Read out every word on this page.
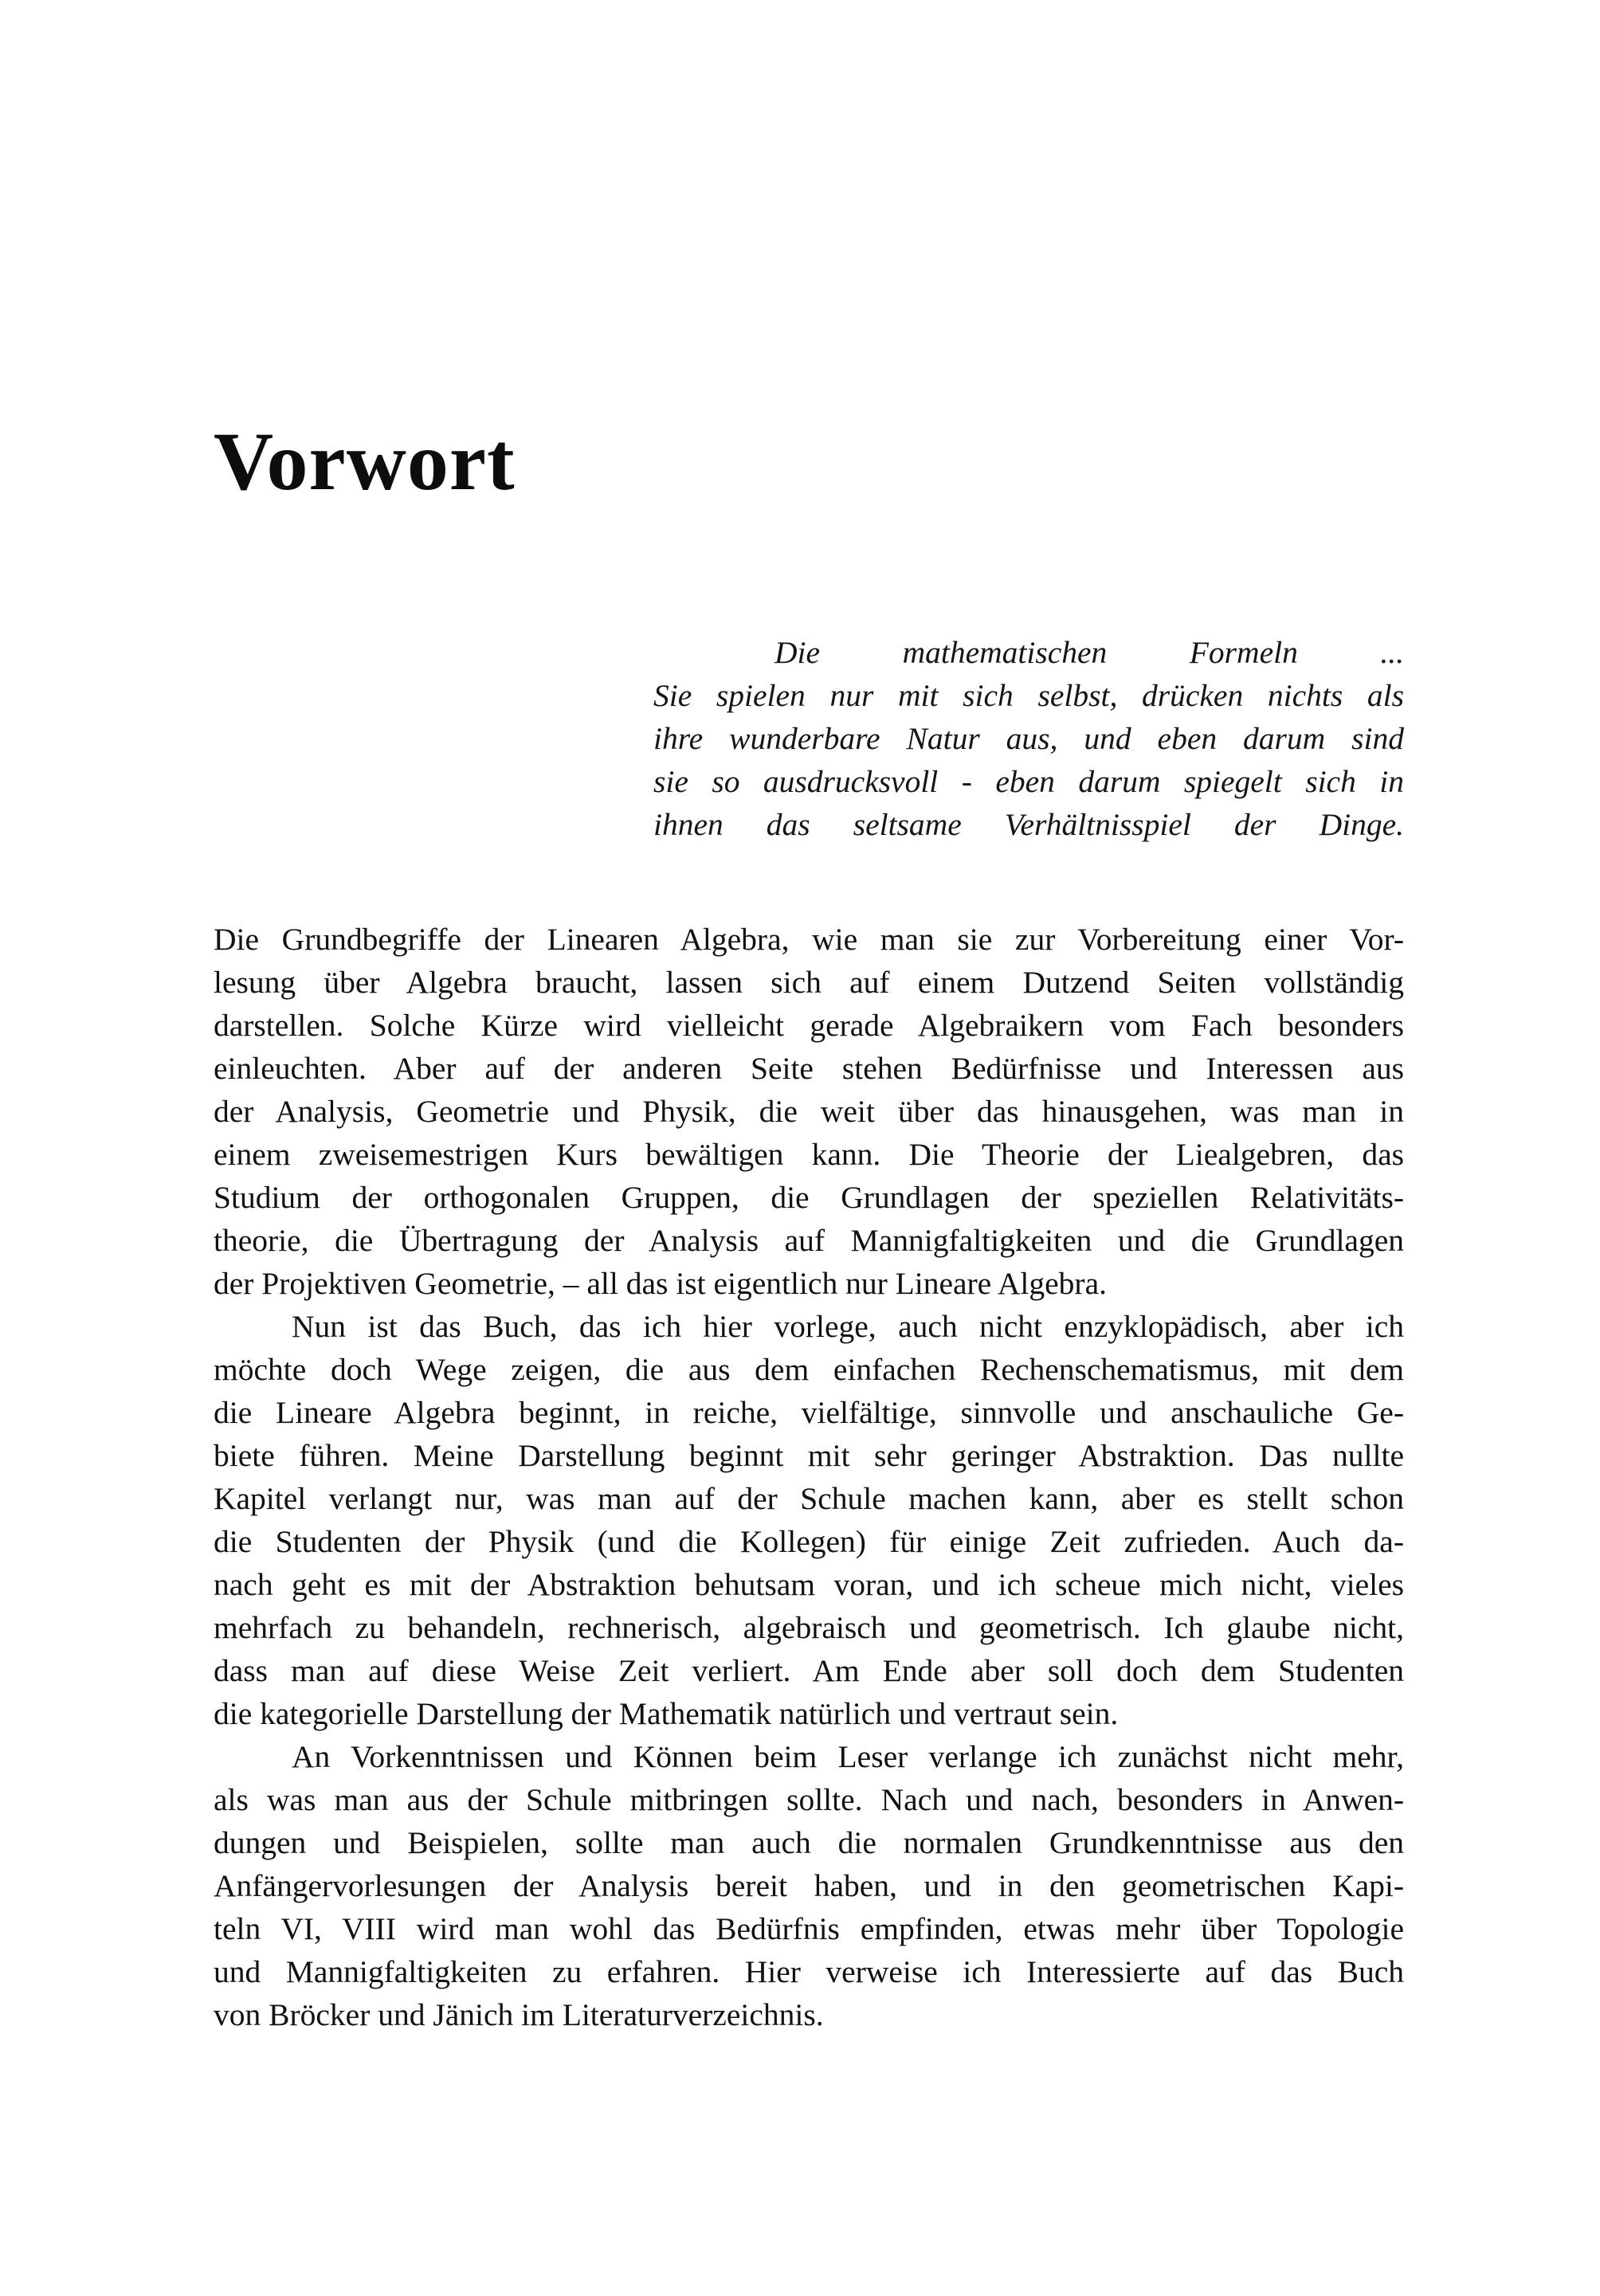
Vorwort
Die mathematischen Formeln ...
Sie spielen nur mit sich selbst, drücken nichts als
ihre wunderbare Natur aus, und eben darum sind
sie so ausdrucksvoll - eben darum spiegelt sich in
ihnen das seltsame Verhältnisspiel der Dinge.
Die Grundbegriffe der Linearen Algebra, wie man sie zur Vorbereitung einer Vor-
lesung über Algebra braucht, lassen sich auf einem Dutzend Seiten vollständig
darstellen. Solche Kürze wird vielleicht gerade Algebraikern vom Fach besonders
einleuchten. Aber auf der anderen Seite stehen Bedürfnisse und Interessen aus
der Analysis, Geometrie und Physik, die weit über das hinausgehen, was man in
einem zweisemestrigen Kurs bewältigen kann. Die Theorie der Liealgebren, das
Studium der orthogonalen Gruppen, die Grundlagen der speziellen Relativitäts-
theorie, die Übertragung der Analysis auf Mannigfaltigkeiten und die Grundlagen
der Projektiven Geometrie, – all das ist eigentlich nur Lineare Algebra.
Nun ist das Buch, das ich hier vorlege, auch nicht enzyklopädisch, aber ich
möchte doch Wege zeigen, die aus dem einfachen Rechenschematismus, mit dem
die Lineare Algebra beginnt, in reiche, vielfältige, sinnvolle und anschauliche Ge-
biete führen. Meine Darstellung beginnt mit sehr geringer Abstraktion. Das nullte
Kapitel verlangt nur, was man auf der Schule machen kann, aber es stellt schon
die Studenten der Physik (und die Kollegen) für einige Zeit zufrieden. Auch da-
nach geht es mit der Abstraktion behutsam voran, und ich scheue mich nicht, vieles
mehrfach zu behandeln, rechnerisch, algebraisch und geometrisch. Ich glaube nicht,
dass man auf diese Weise Zeit verliert. Am Ende aber soll doch dem Studenten
die kategorielle Darstellung der Mathematik natürlich und vertraut sein.
An Vorkenntnissen und Können beim Leser verlange ich zunächst nicht mehr,
als was man aus der Schule mitbringen sollte. Nach und nach, besonders in Anwen-
dungen und Beispielen, sollte man auch die normalen Grundkenntnisse aus den
Anfängervorlesungen der Analysis bereit haben, und in den geometrischen Kapi-
teln VI, VIII wird man wohl das Bedürfnis empfinden, etwas mehr über Topologie
und Mannigfaltigkeiten zu erfahren. Hier verweise ich Interessierte auf das Buch
von Bröcker und Jänich im Literaturverzeichnis.
